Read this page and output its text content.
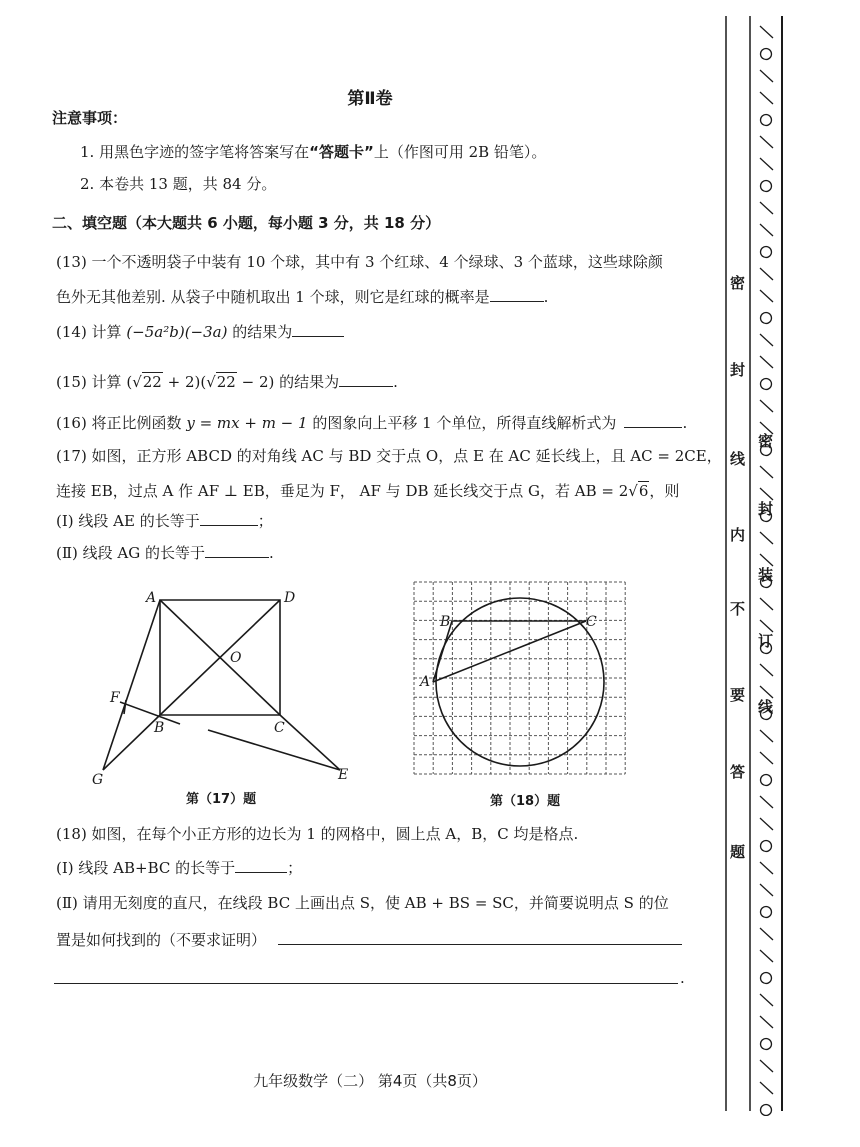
第Ⅱ卷
注意事项：
1. 用黑色字迹的签字笔将答案写在“答题卡”上（作图可用 2B 铅笔）。
2. 本卷共 13 题，共 84 分。
二、填空题（本大题共 6 小题，每小题 3 分，共 18 分）
(13) 一个不透明袋子中装有 10 个球，其中有 3 个红球、4 个绿球、3 个蓝球，这些球除颜
色外无其他差别. 从袋子中随机取出 1 个球，则它是红球的概率是	.
(14) 计算 (−5a²b)(−3a) 的结果为
(15) 计算 (√22 + 2)(√22 − 2) 的结果为	.
(16) 将正比例函数 y = mx + m − 1 的图象向上平移 1 个单位，所得直线解析式为	.
(17) 如图，正方形 ABCD 的对角线 AC 与 BD 交于点 O，点 E 在 AC 延长线上，且 AC = 2CE，
连接 EB，过点 A 作 AF ⊥ EB，垂足为 F， AF 与 DB 延长线交于点 G，若 AB = 2√6，则
(Ⅰ) 线段 AE 的长等于	；
(Ⅱ) 线段 AG 的长等于	.
A	D
O
B	C
F
G	E
第（17）题
B	C
A
第（18）题
(18) 如图，在每个小正方形的边长为 1 的网格中，圆上点 A，B，C 均是格点.
(Ⅰ) 线段 AB+BC 的长等于	；
(Ⅱ) 请用无刻度的直尺，在线段 BC 上画出点 S，使 AB + BS = SC，并简要说明点 S 的位
置是如何找到的（不要求证明）
.
九年级数学（二） 第4页（共8页）
密
封
线
内
不
要
答
题
密
封
装
订
线
